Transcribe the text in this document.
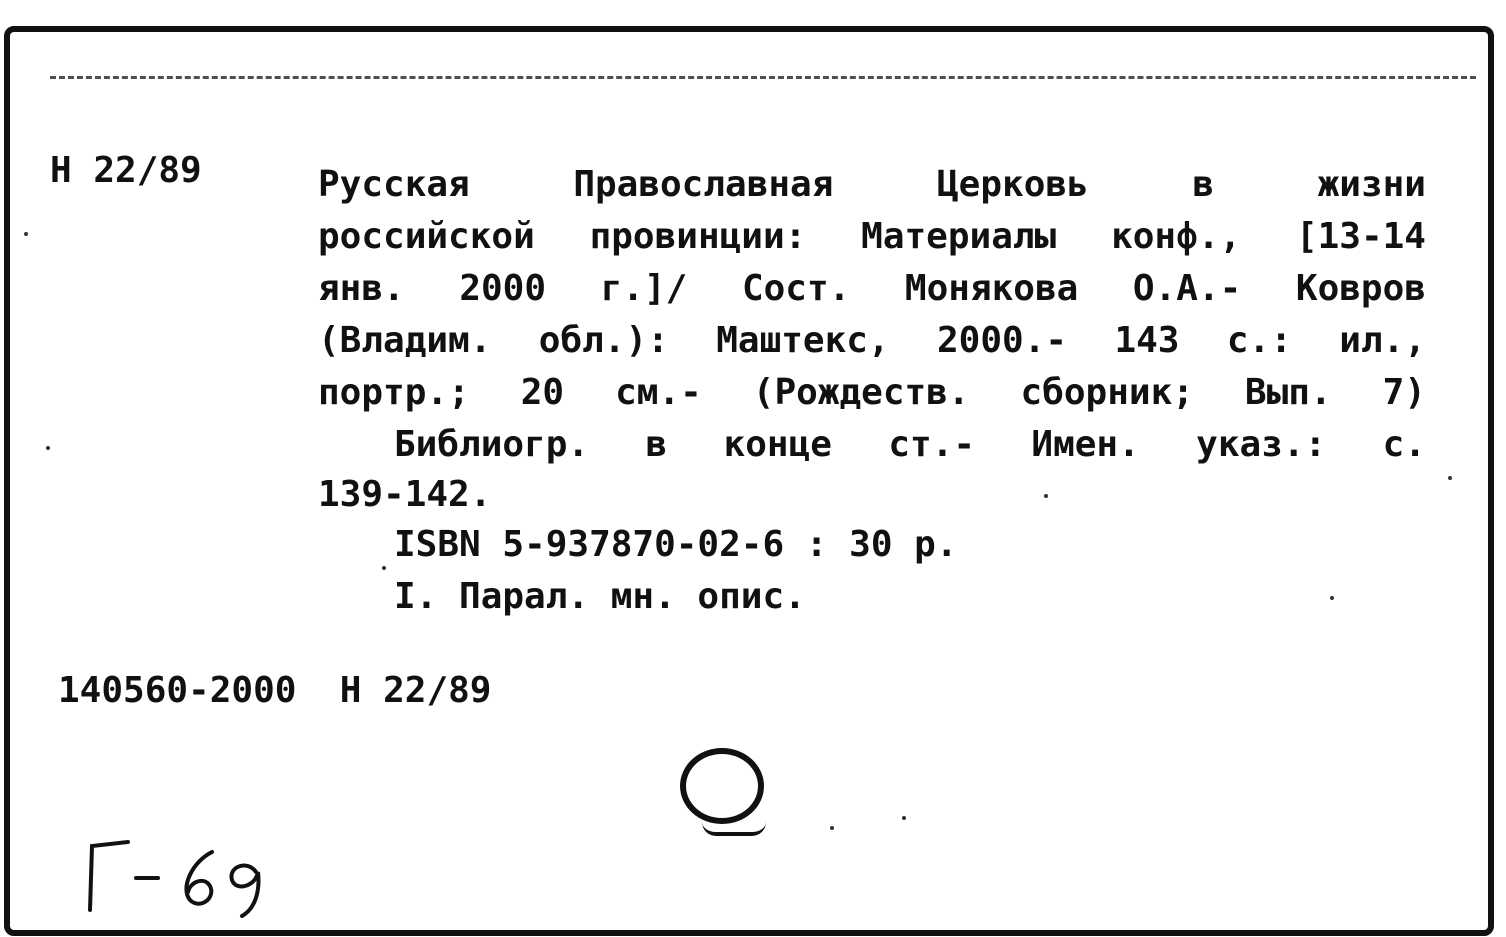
Н 22/89	Русская	Православная	Церковь	в	жизни
российской провинции: Материалы конф., [13-14
янв. 2000 г.]/ Сост. Монякова О.А.- Ковров
(Владим. обл.): Маштекс, 2000.- 143 с.: ил.,
портр.; 20 см.- (Рождеств. сборник; Вып. 7)
Библиогр. в конце ст.- Имен. указ.: с.
139-142.
ISBN 5-937870-02-6 : 30 р.
I. Парал. мн. опис.
140560-2000  Н 22/89
